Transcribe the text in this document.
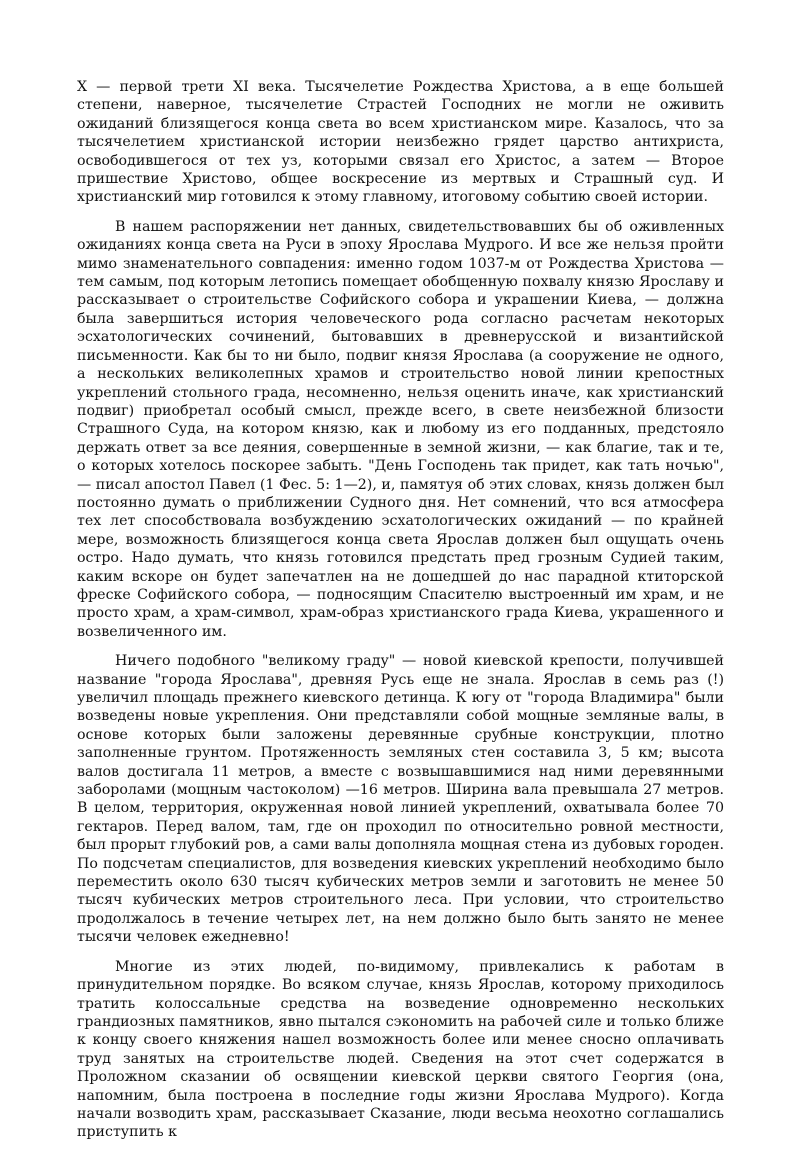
X — первой трети XI века. Тысячелетие Рождества Христова, а в еще большей степени, наверное, тысячелетие Страстей Господних не могли не оживить ожиданий близящегося конца света во всем христианском мире. Казалось, что за тысячелетием христианской истории неизбежно грядет царство антихриста, освободившегося от тех уз, которыми связал его Христос, а затем — Второе пришествие Христово, общее воскресение из мертвых и Страшный суд. И христианский мир готовился к этому главному, итоговому событию своей истории.

В нашем распоряжении нет данных, свидетельствовавших бы об оживленных ожиданиях конца света на Руси в эпоху Ярослава Мудрого. И все же нельзя пройти мимо знаменательного совпадения: именно годом 1037-м от Рождества Христова — тем самым, под которым летопись помещает обобщенную похвалу князю Ярославу и рассказывает о строительстве Софийского собора и украшении Киева, — должна была завершиться история человеческого рода согласно расчетам некоторых эсхатологических сочинений, бытовавших в древнерусской и византийской письменности. Как бы то ни было, подвиг князя Ярослава (а сооружение не одного, а нескольких великолепных храмов и строительство новой линии крепостных укреплений стольного града, несомненно, нельзя оценить иначе, как христианский подвиг) приобретал особый смысл, прежде всего, в свете неизбежной близости Страшного Суда, на котором князю, как и любому из его подданных, предстояло держать ответ за все деяния, совершенные в земной жизни, — как благие, так и те, о которых хотелось поскорее забыть. "День Господень так придет, как тать ночью", — писал апостол Павел (1 Фес. 5: 1—2), и, памятуя об этих словах, князь должен был постоянно думать о приближении Судного дня. Нет сомнений, что вся атмосфера тех лет способствовала возбуждению эсхатологических ожиданий — по крайней мере, возможность близящегося конца света Ярослав должен был ощущать очень остро. Надо думать, что князь готовился предстать пред грозным Судией таким, каким вскоре он будет запечатлен на не дошедшей до нас парадной ктиторской фреске Софийского собора, — подносящим Спасителю выстроенный им храм, и не просто храм, а храм-символ, храм-образ христианского града Киева, украшенного и возвеличенного им.

Ничего подобного "великому граду" — новой киевской крепости, получившей название "города Ярослава", древняя Русь еще не знала. Ярослав в семь раз (!) увеличил площадь прежнего киевского детинца. К югу от "города Владимира" были возведены новые укрепления. Они представляли собой мощные земляные валы, в основе которых были заложены деревянные срубные конструкции, плотно заполненные грунтом. Протяженность земляных стен составила 3, 5 км; высота валов достигала 11 метров, а вместе с возвышавшимися над ними деревянными заборолами (мощным частоколом) —16 метров. Ширина вала превышала 27 метров. В целом, территория, окруженная новой линией укреплений, охватывала более 70 гектаров. Перед валом, там, где он проходил по относительно ровной местности, был прорыт глубокий ров, а сами валы дополняла мощная стена из дубовых городен. По подсчетам специалистов, для возведения киевских укреплений необходимо было переместить около 630 тысяч кубических метров земли и заготовить не менее 50 тысяч кубических метров строительного леса. При условии, что строительство продолжалось в течение четырех лет, на нем должно было быть занято не менее тысячи человек ежедневно!

Многие из этих людей, по-видимому, привлекались к работам в принудительном порядке. Во всяком случае, князь Ярослав, которому приходилось тратить колоссальные средства на возведение одновременно нескольких грандиозных памятников, явно пытался сэкономить на рабочей силе и только ближе к концу своего княжения нашел возможность более или менее сносно оплачивать труд занятых на строительстве людей. Сведения на этот счет содержатся в Проложном сказании об освящении киевской церкви святого Георгия (она, напомним, была построена в последние годы жизни Ярослава Мудрого). Когда начали возводить храм, рассказывает Сказание, люди весьма неохотно соглашались приступить к
